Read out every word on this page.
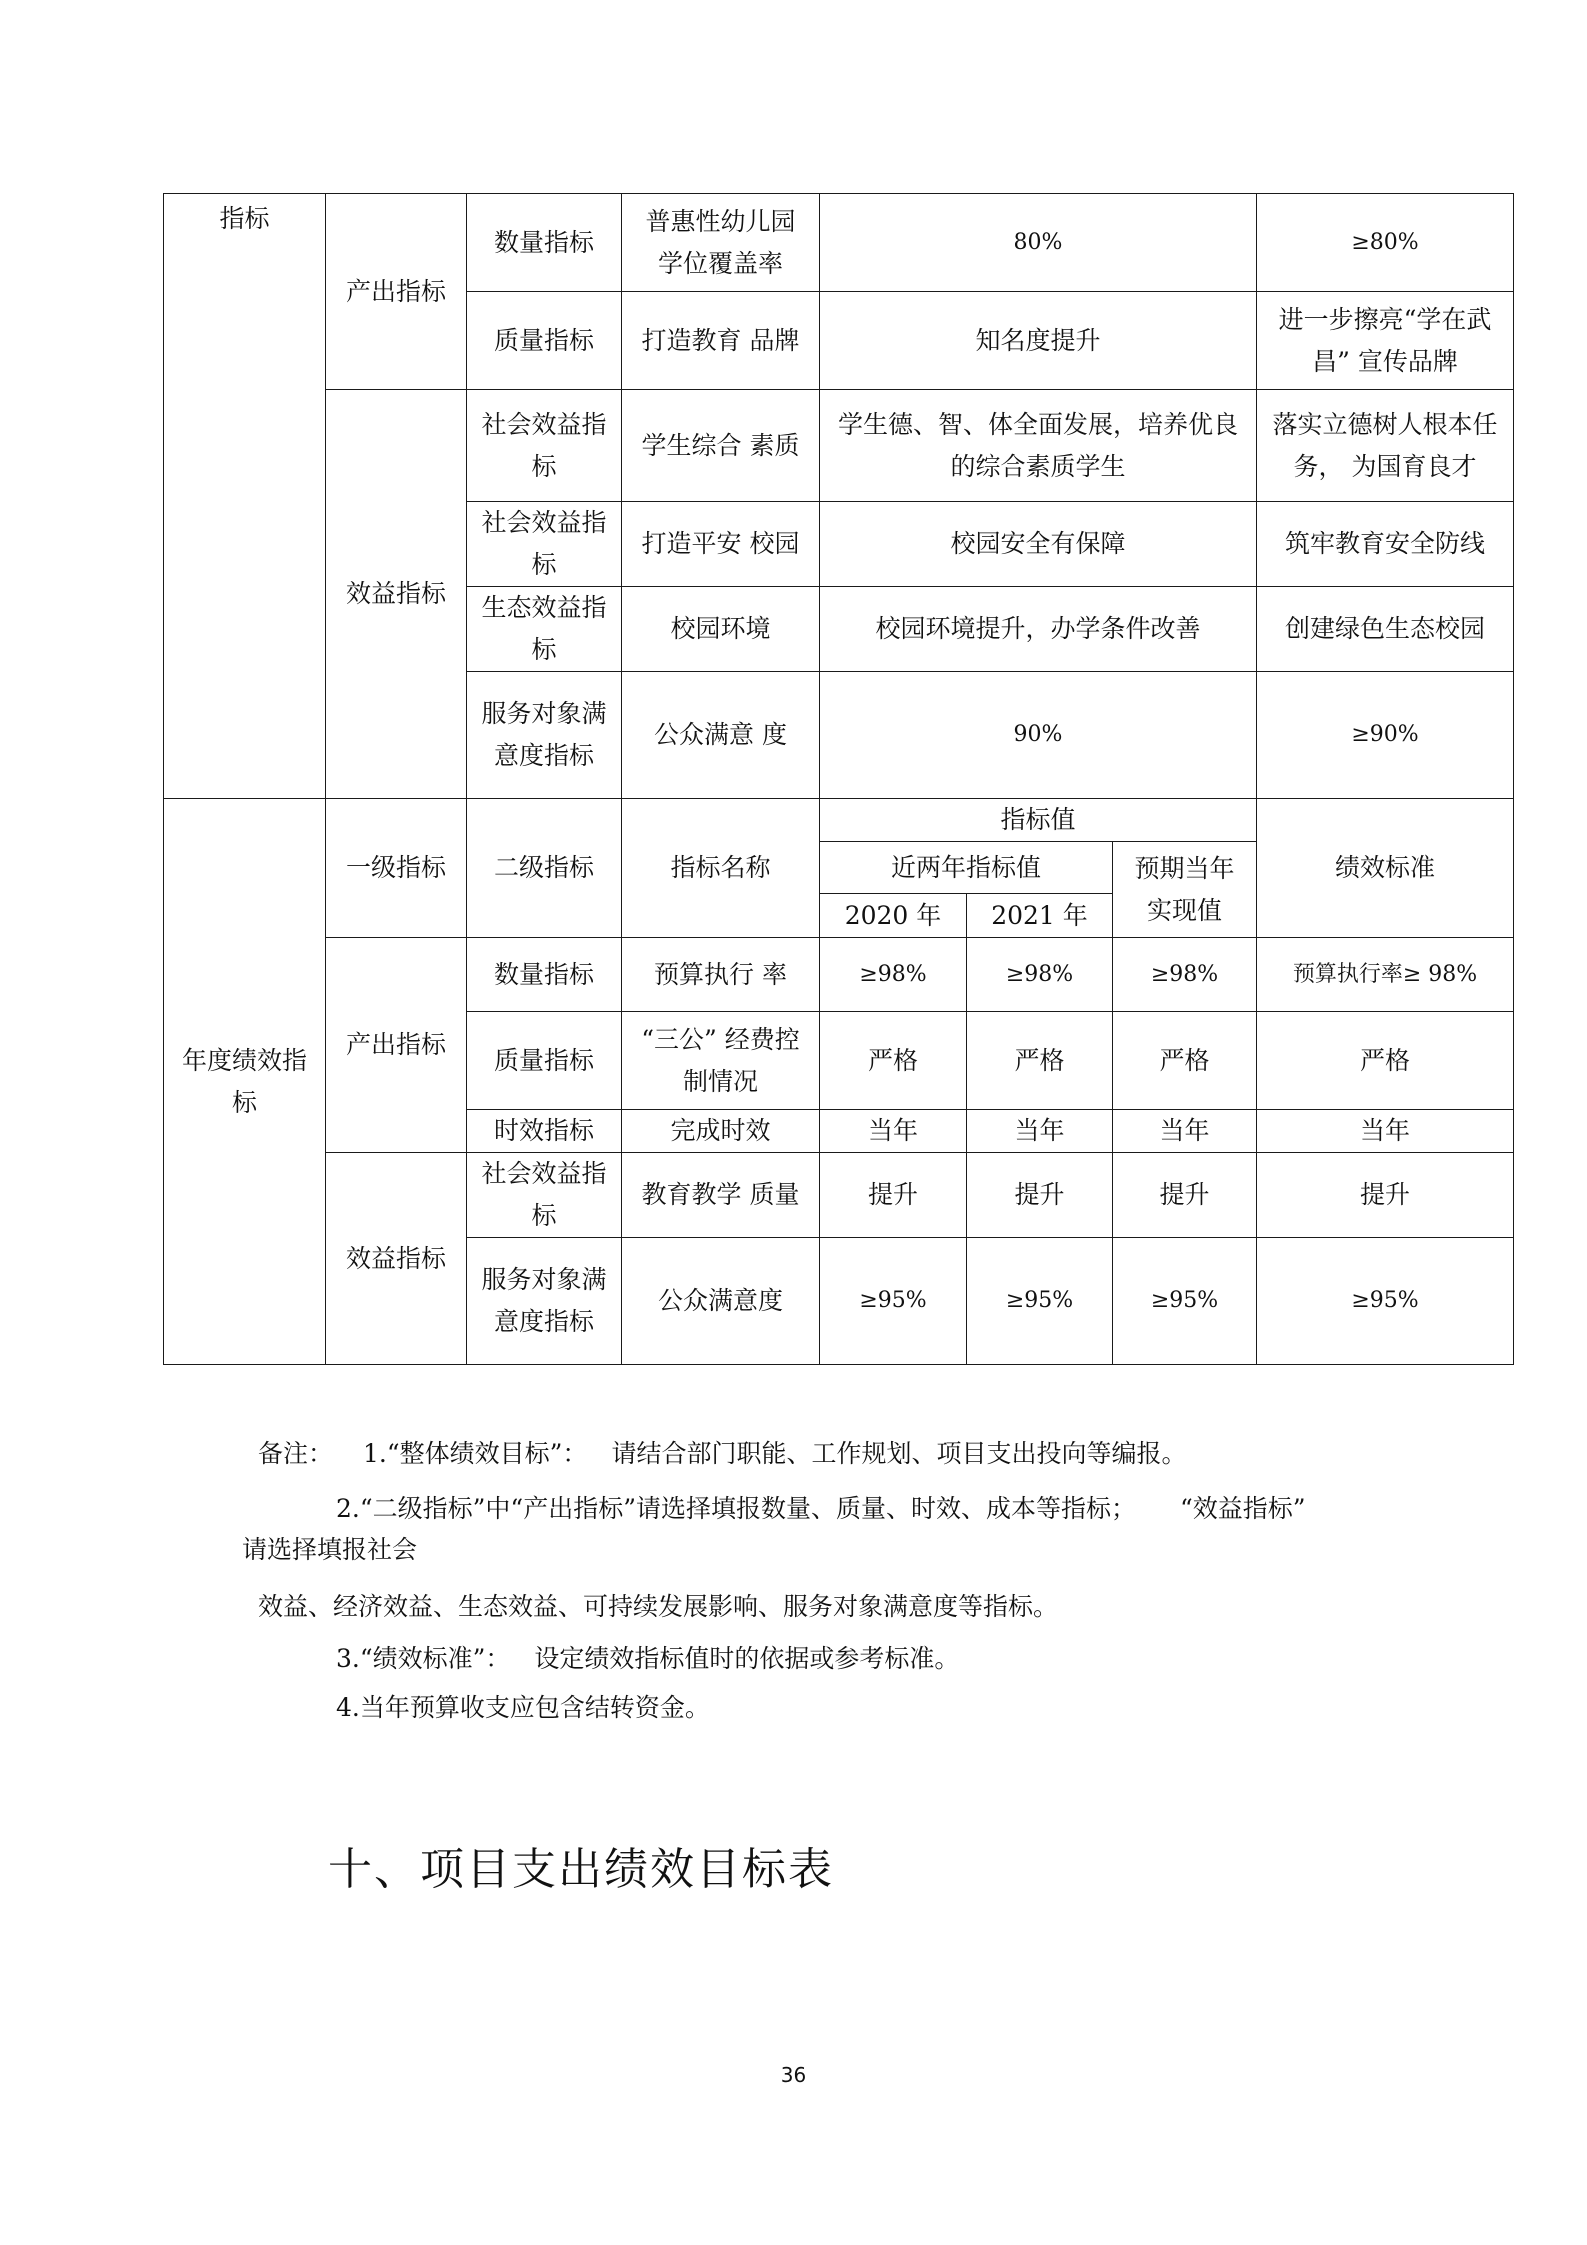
指标	产出指标	数量指标	普惠性幼儿园学位覆盖率	80%	≥80%
		质量指标	打造教育 品牌	知名度提升	进一步擦亮“学在武昌” 宣传品牌
	效益指标	社会效益指标	学生综合 素质	学生德、智、体全面发展，培养优良的综合素质学生	落实立德树人根本任务， 为国育良才
		社会效益指标	打造平安 校园	校园安全有保障	筑牢教育安全防线
		生态效益指标	校园环境	校园环境提升，办学条件改善	创建绿色生态校园
		服务对象满意度指标	公众满意 度	90%	≥90%
年度绩效指标	一级指标	二级指标	指标名称	指标值			绩效标准
				近两年指标值		预期当年实现值	
				2020 年	2021 年		
	产出指标	数量指标	预算执行 率	≥98%	≥98%	≥98%	预算执行率≥ 98%
		质量指标	“三公” 经费控制情况	严格	严格	严格	严格
		时效指标	完成时效	当年	当年	当年	当年
	效益指标	社会效益指标	教育教学 质量	提升	提升	提升	提升
		服务对象满意度指标	公众满意度	≥95%	≥95%	≥95%	≥95%
备注： 1.“整体绩效目标”： 请结合部门职能、工作规划、项目支出投向等编报。
2.“二级指标”中“产出指标”请选择填报数量、质量、时效、成本等指标； “效益指标”
请选择填报社会
效益、经济效益、生态效益、可持续发展影响、服务对象满意度等指标。
3.“绩效标准”： 设定绩效指标值时的依据或参考标准。
4.当年预算收支应包含结转资金。
十、项目支出绩效目标表
36
